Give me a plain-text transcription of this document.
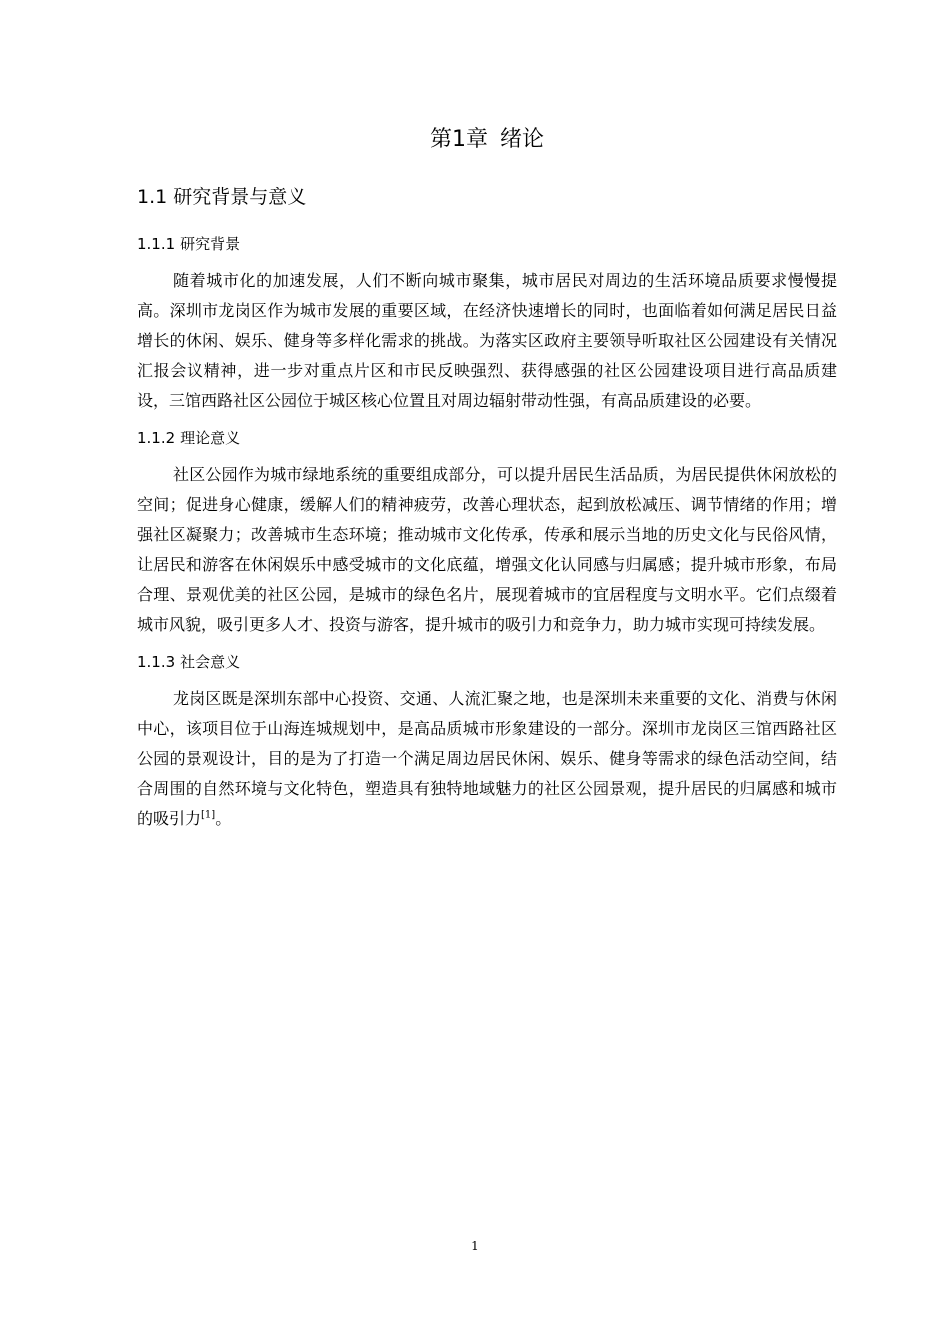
第1章 绪论
1.1 研究背景与意义
1.1.1 研究背景

随着城市化的加速发展，人们不断向城市聚集，城市居民对周边的生活环境品质要求慢慢提高。深圳市龙岗区作为城市发展的重要区域，在经济快速增长的同时，也面临着如何满足居民日益增长的休闲、娱乐、健身等多样化需求的挑战。为落实区政府主要领导听取社区公园建设有关情况汇报会议精神，进一步对重点片区和市民反映强烈、获得感强的社区公园建设项目进行高品质建设，三馆西路社区公园位于城区核心位置且对周边辐射带动性强，有高品质建设的必要。

1.1.2 理论意义

社区公园作为城市绿地系统的重要组成部分，可以提升居民生活品质，为居民提供休闲放松的空间；促进身心健康，缓解人们的精神疲劳，改善心理状态，起到放松减压、调节情绪的作用；增强社区凝聚力；改善城市生态环境；推动城市文化传承，传承和展示当地的历史文化与民俗风情，让居民和游客在休闲娱乐中感受城市的文化底蕴，增强文化认同感与归属感；提升城市形象，布局合理、景观优美的社区公园，是城市的绿色名片，展现着城市的宜居程度与文明水平。它们点缀着城市风貌，吸引更多人才、投资与游客，提升城市的吸引力和竞争力，助力城市实现可持续发展。

1.1.3 社会意义

龙岗区既是深圳东部中心投资、交通、人流汇聚之地，也是深圳未来重要的文化、消费与休闲中心，该项目位于山海连城规划中，是高品质城市形象建设的一部分。深圳市龙岗区三馆西路社区公园的景观设计，目的是为了打造一个满足周边居民休闲、娱乐、健身等需求的绿色活动空间，结合周围的自然环境与文化特色，塑造具有独特地域魅力的社区公园景观，提升居民的归属感和城市的吸引力[1]。

1
